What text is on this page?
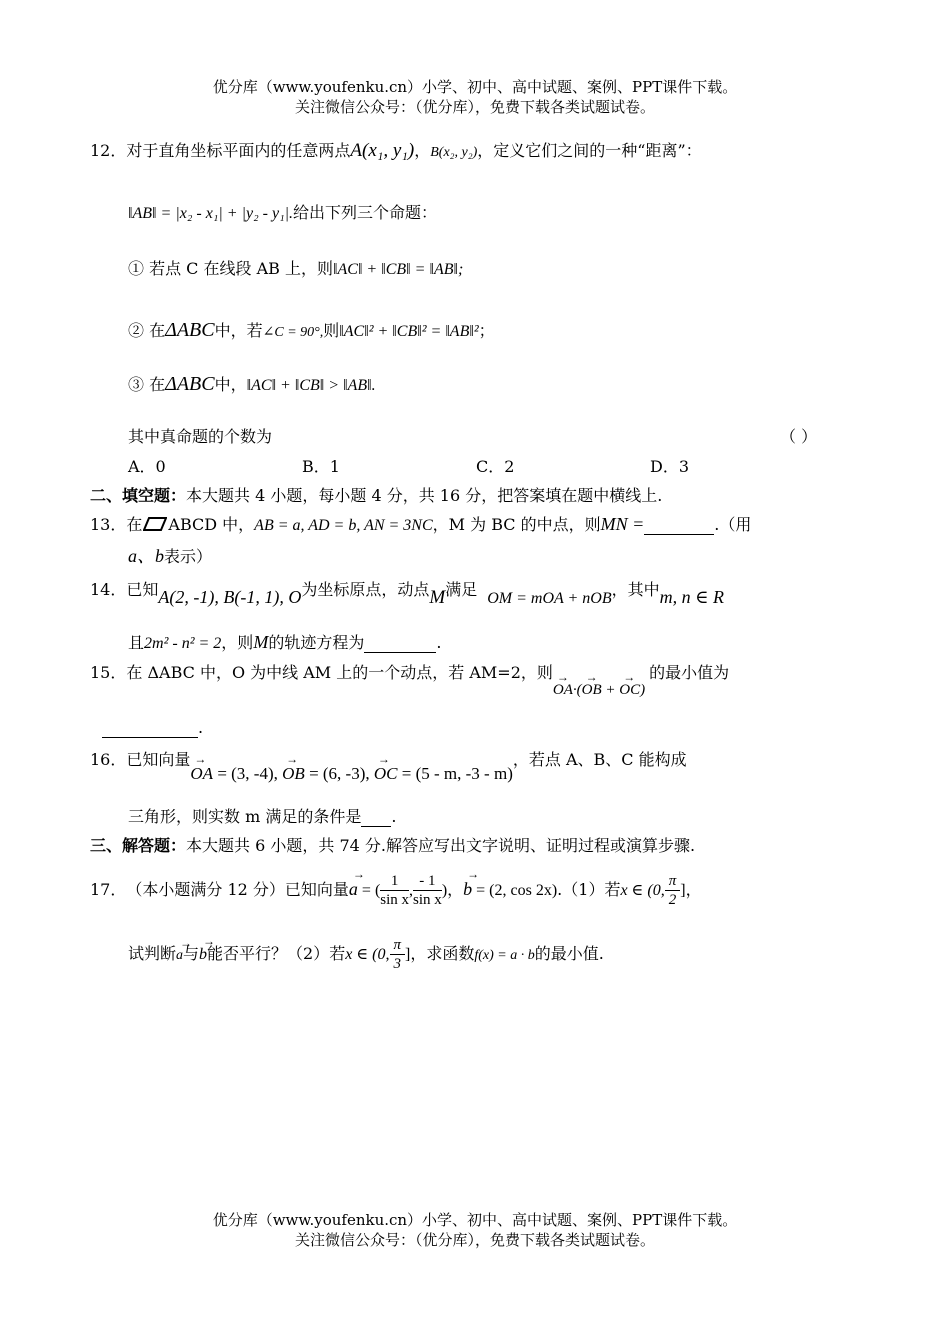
优分库（www.youfenku.cn）小学、初中、高中试题、案例、PPT课件下载。
关注微信公众号：（优分库），免费下载各类试题试卷。
12．对于直角坐标平面内的任意两点A(x₁, y₁)，B(x₂, y₂)，定义它们之间的一种“距离”：
‖AB‖ = |x₂ - x₁| + |y₂ - y₁|.给出下列三个命题：
① 若点 C 在线段 AB 上，则‖AC‖ + ‖CB‖ = ‖AB‖;
② 在ΔABC中，若∠C = 90°,则‖AC‖² + ‖CB‖² = ‖AB‖²；
③ 在ΔABC中，‖AC‖ + ‖CB‖ > ‖AB‖.
其中真命题的个数为	（ ）
A．0	B．1	C．2	D．3
二、填空题：本大题共 4 小题，每小题 4 分，共 16 分，把答案填在题中横线上.
13．在 ABCD 中，AB = a, AD = b, AN = 3NC，M 为 BC 的中点，则MN =	.（用
a、b表示）
14．已知A(2, -1), B(-1, 1), O为坐标原点，动点M满足 OM = mOA + nOB，其中m, n ∈ R
且2m² - n² = 2，则M的轨迹方程为	.
15．在 ΔABC 中，O 为中线 AM 上的一个动点，若 AM=2，则→ OA·(→ OB + → OC)的最小值为
.
16．已知向量→ OA = (3, -4), → OB = (6, -3), → OC = (5 - m, -3 - m)，若点 A、B、C 能构成
三角形，则实数 m 满足的条件是 .
三、解答题：本大题共 6 小题，共 74 分.解答应写出文字说明、证明过程或演算步骤.
17． （本小题满分 12 分）已知向量→ a = ( $\frac{1}{\text{sin x}}$ , $\frac{- 1}{\text{sin x}}$ )，→ b = (2, cos 2x).（1）若x ∈ (0, $\frac{\pi}{2}$ ]，
试判断→ a与→ b能否平行？（2）若x ∈ (0, $\frac{\pi}{3}$ ]，求函数f(x) = a · b的最小值.
优分库（www.youfenku.cn）小学、初中、高中试题、案例、PPT课件下载。
关注微信公众号：（优分库），免费下载各类试题试卷。
